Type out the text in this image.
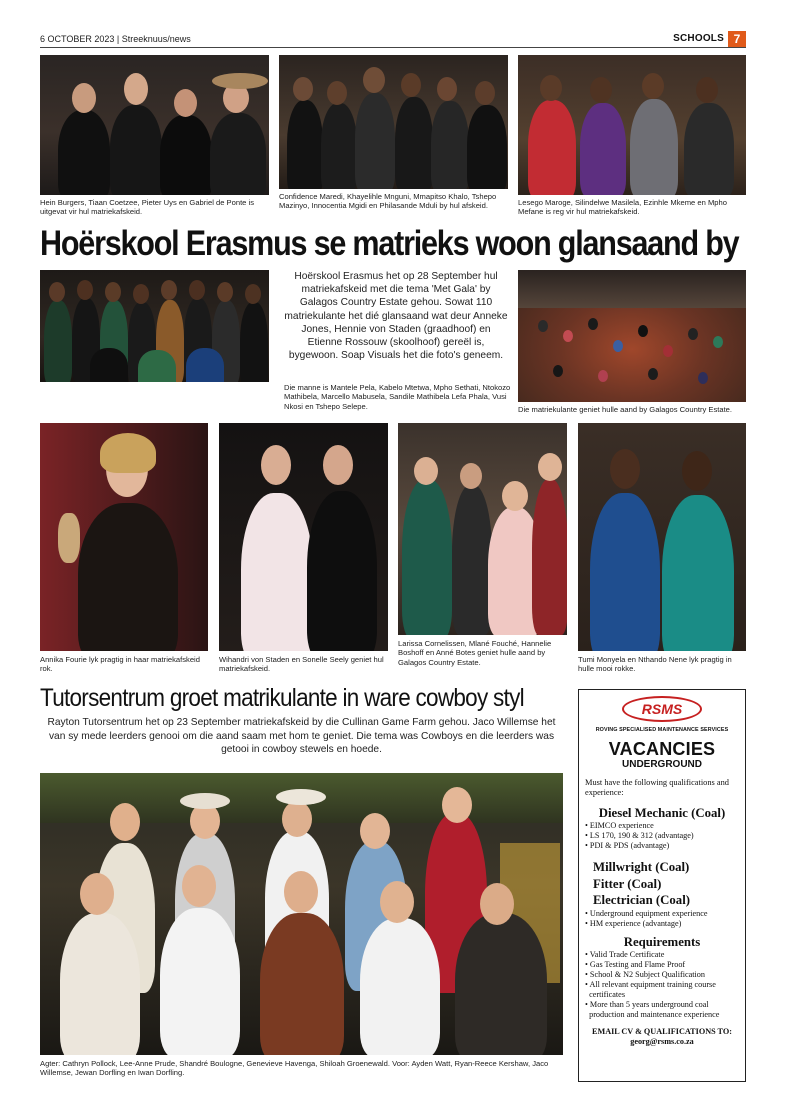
6 OCTOBER 2023 | Streeknuus/news	SCHOOLS 7
Hein Burgers, Tiaan Coetzee, Pieter Uys en Gabriel de Ponte is uitgevat vir hul matriekafskeid.
Confidence Maredi, Khayelihle Mnguni, Mmapitso Khalo, Tshepo Mazinyo, Innocentia Mgidi en Philasande Mduli by hul afskeid.	Lesego Maroge, Silindelwe Masilela, Ezinhle Mkeme en Mpho Mefane is reg vir hul matriekafskeid.
Hoërskool Erasmus se matrieks woon glansaand by
Hoërskool Erasmus het op 28 September hul matriekafskeid met die tema 'Met Gala' by Galagos Country Estate gehou. Sowat 110 matriekulante het dié glansaand wat deur Anneke Jones, Hennie von Staden (graadhoof) en Etienne Rossouw (skoolhoof) gereël is, bygewoon. Soap Visuals het die foto's geneem.
Die manne is Mantele Pela, Kabelo Mtetwa, Mpho Sethati, Ntokozo Mathibela, Marcello Mabusela, Sandile Mathibela Lefa Phala, Vusi Nkosi en Tshepo Selepe.	Die matriekulante geniet hulle aand by Galagos Country Estate.
Annika Fourie lyk pragtig in haar matriekafskeid rok.
Wihandri von Staden en Sonelle Seely geniet hul matriekafskeid.
Larissa Cornelissen, Mlané Fouché, Hannelie Boshoff en Anné Botes geniet hulle aand by Galagos Country Estate.	Tumi Monyela en Nthando Nene lyk pragtig in hulle mooi rokke.
Tutorsentrum groet matrikulante in ware cowboy styl
Rayton Tutorsentrum het op 23 September matriekafskeid by die Cullinan Game Farm gehou. Jaco Willemse het van sy mede leerders genooi om die aand saam met hom te geniet. Die tema was Cowboys en die leerders was getooi in cowboy stewels en hoede.
Agter: Cathryn Pollock, Lee-Anne Prude, Shandré Boulogne, Genevieve Havenga, Shiloah Groenewald. Voor: Ayden Watt, Ryan-Reece Kershaw, Jaco Willemse, Jewan Dorfling en Iwan Dorfling.
RSMS
ROVING SPECIALISED MAINTENANCE SERVICES
VACANCIES
UNDERGROUND
Must have the following qualifications and experience:
Diesel Mechanic (Coal)
• EIMCO experience
• LS 170, 190 & 312 (advantage)
• PDI & PDS (advantage)
Millwright (Coal)
Fitter (Coal)
Electrician (Coal)
• Underground equipment experience
• HM experience (advantage)
Requirements
• Valid Trade Certificate
• Gas Testing and Flame Proof
• School & N2 Subject Qualification
• All relevant equipment training course
certificates
• More than 5 years underground coal
production and maintenance experience
EMAIL CV & QUALIFICATIONS TO:
georg@rsms.co.za
